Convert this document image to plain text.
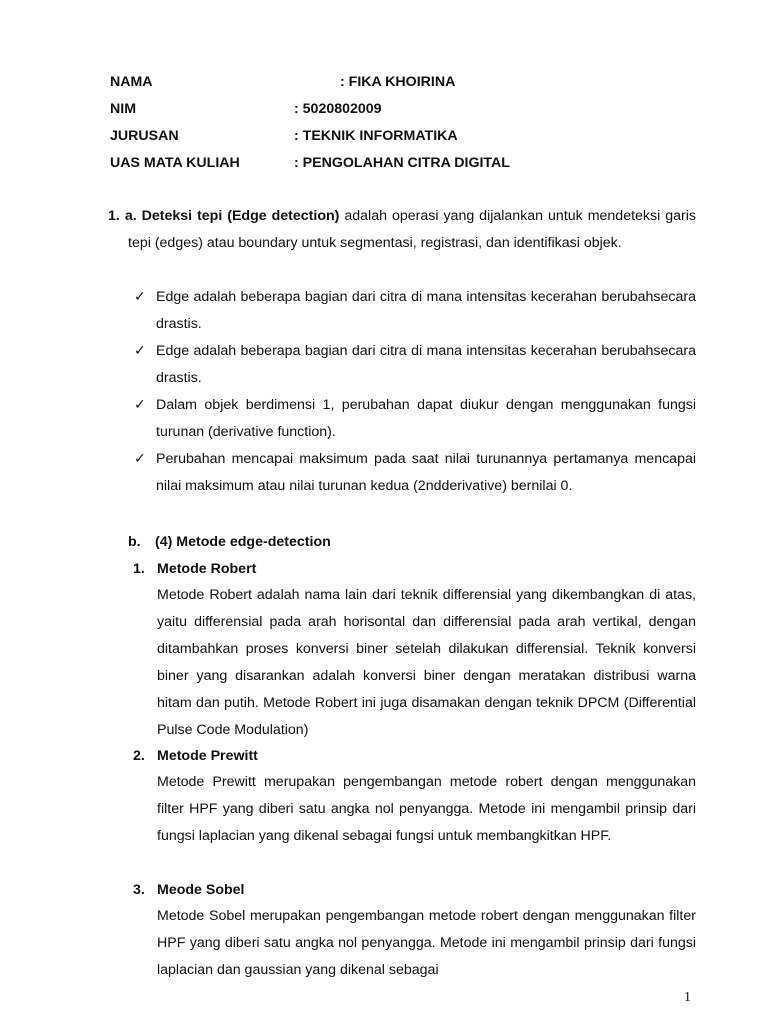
NAMA	: FIKA KHOIRINA
NIM	: 5020802009
JURUSAN	: TEKNIK INFORMATIKA
UAS MATA KULIAH	: PENGOLAHAN CITRA DIGITAL

1. a. Deteksi tepi (Edge detection) adalah operasi yang dijalankan untuk mendeteksi garis tepi (edges) atau boundary untuk segmentasi, registrasi, dan identifikasi objek.

✓ Edge adalah beberapa bagian dari citra di mana intensitas kecerahan berubahsecara drastis.

✓ Edge adalah beberapa bagian dari citra di mana intensitas kecerahan berubahsecara drastis.

✓ Dalam objek berdimensi 1, perubahan dapat diukur dengan menggunakan fungsi turunan (derivative function).

✓ Perubahan mencapai maksimum pada saat nilai turunannya pertamanya mencapai nilai maksimum atau nilai turunan kedua (2ndderivative) bernilai 0.

b. (4) Metode edge-detection
1. Metode Robert

Metode Robert adalah nama lain dari teknik differensial yang dikembangkan di atas, yaitu differensial pada arah horisontal dan differensial pada arah vertikal, dengan ditambahkan proses konversi biner setelah dilakukan differensial. Teknik konversi biner yang disarankan adalah konversi biner dengan meratakan distribusi warna hitam dan putih. Metode Robert ini juga disamakan dengan teknik DPCM (Differential Pulse Code Modulation)

2. Metode Prewitt

Metode Prewitt merupakan pengembangan metode robert dengan menggunakan filter HPF yang diberi satu angka nol penyangga. Metode ini mengambil prinsip dari fungsi laplacian yang dikenal sebagai fungsi untuk membangkitkan HPF.

3. Meode Sobel

Metode Sobel merupakan pengembangan metode robert dengan menggunakan filter HPF yang diberi satu angka nol penyangga. Metode ini mengambil prinsip dari fungsi laplacian dan gaussian yang dikenal sebagai

1
